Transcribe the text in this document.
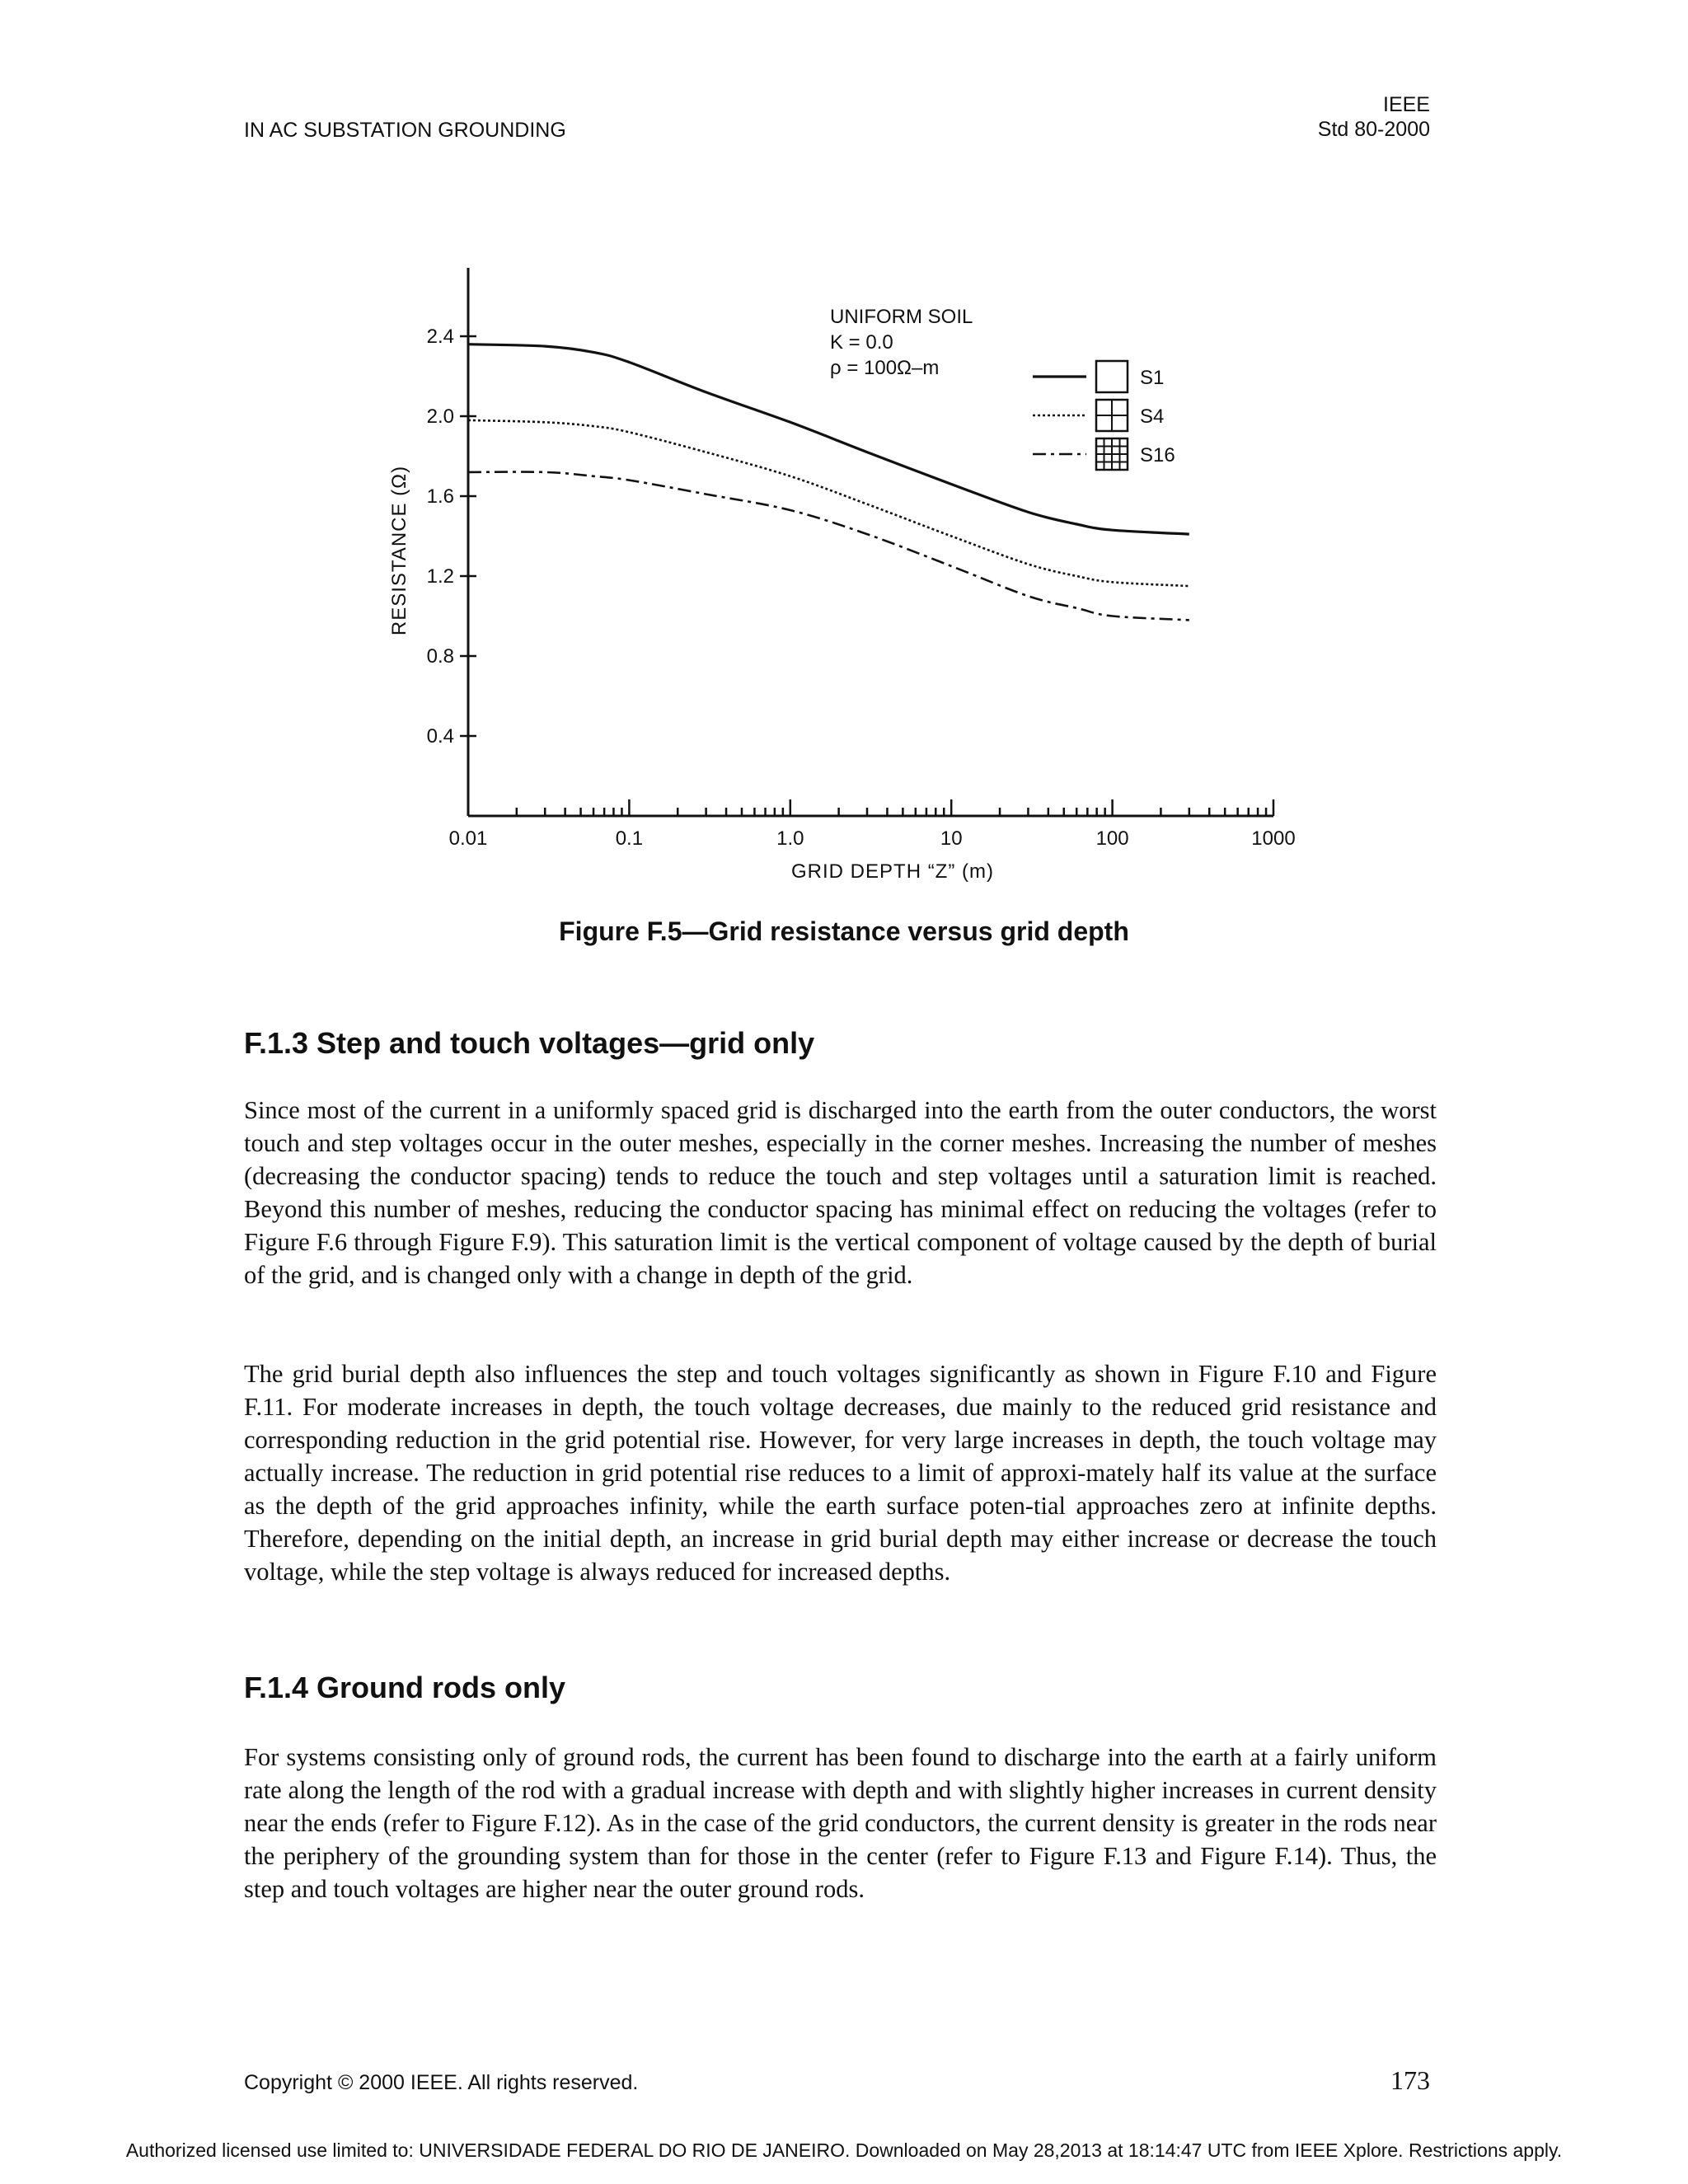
IN AC SUBSTATION GROUNDING
IEEE
Std 80-2000
0.01	0.1	1.0	10	100	1000
0.4
0.8
1.2
1.6
2.0
2.4
UNIFORM SOIL
K = 0.0
ρ = 100Ω–m	S1
S4
S16
GRID DEPTH “Z” (m)
RESISTANCE (Ω)
Figure F.5—Grid resistance versus grid depth
F.1.3 Step and touch voltages—grid only

Since most of the current in a uniformly spaced grid is discharged into the earth from the outer conductors, the worst touch and step voltages occur in the outer meshes, especially in the corner meshes. Increasing the number of meshes (decreasing the conductor spacing) tends to reduce the touch and step voltages until a saturation limit is reached. Beyond this number of meshes, reducing the conductor spacing has minimal effect on reducing the voltages (refer to Figure F.6 through Figure F.9). This saturation limit is the vertical component of voltage caused by the depth of burial of the grid, and is changed only with a change in depth of the grid.

The grid burial depth also influences the step and touch voltages significantly as shown in Figure F.10 and Figure F.11. For moderate increases in depth, the touch voltage decreases, due mainly to the reduced grid resistance and corresponding reduction in the grid potential rise. However, for very large increases in depth, the touch voltage may actually increase. The reduction in grid potential rise reduces to a limit of approxi-mately half its value at the surface as the depth of the grid approaches infinity, while the earth surface poten-tial approaches zero at infinite depths. Therefore, depending on the initial depth, an increase in grid burial depth may either increase or decrease the touch voltage, while the step voltage is always reduced for increased depths.

F.1.4 Ground rods only

For systems consisting only of ground rods, the current has been found to discharge into the earth at a fairly uniform rate along the length of the rod with a gradual increase with depth and with slightly higher increases in current density near the ends (refer to Figure F.12). As in the case of the grid conductors, the current density is greater in the rods near the periphery of the grounding system than for those in the center (refer to Figure F.13 and Figure F.14). Thus, the step and touch voltages are higher near the outer ground rods.

Copyright © 2000 IEEE. All rights reserved.	173
Authorized licensed use limited to: UNIVERSIDADE FEDERAL DO RIO DE JANEIRO. Downloaded on May 28,2013 at 18:14:47 UTC from IEEE Xplore. Restrictions apply.
